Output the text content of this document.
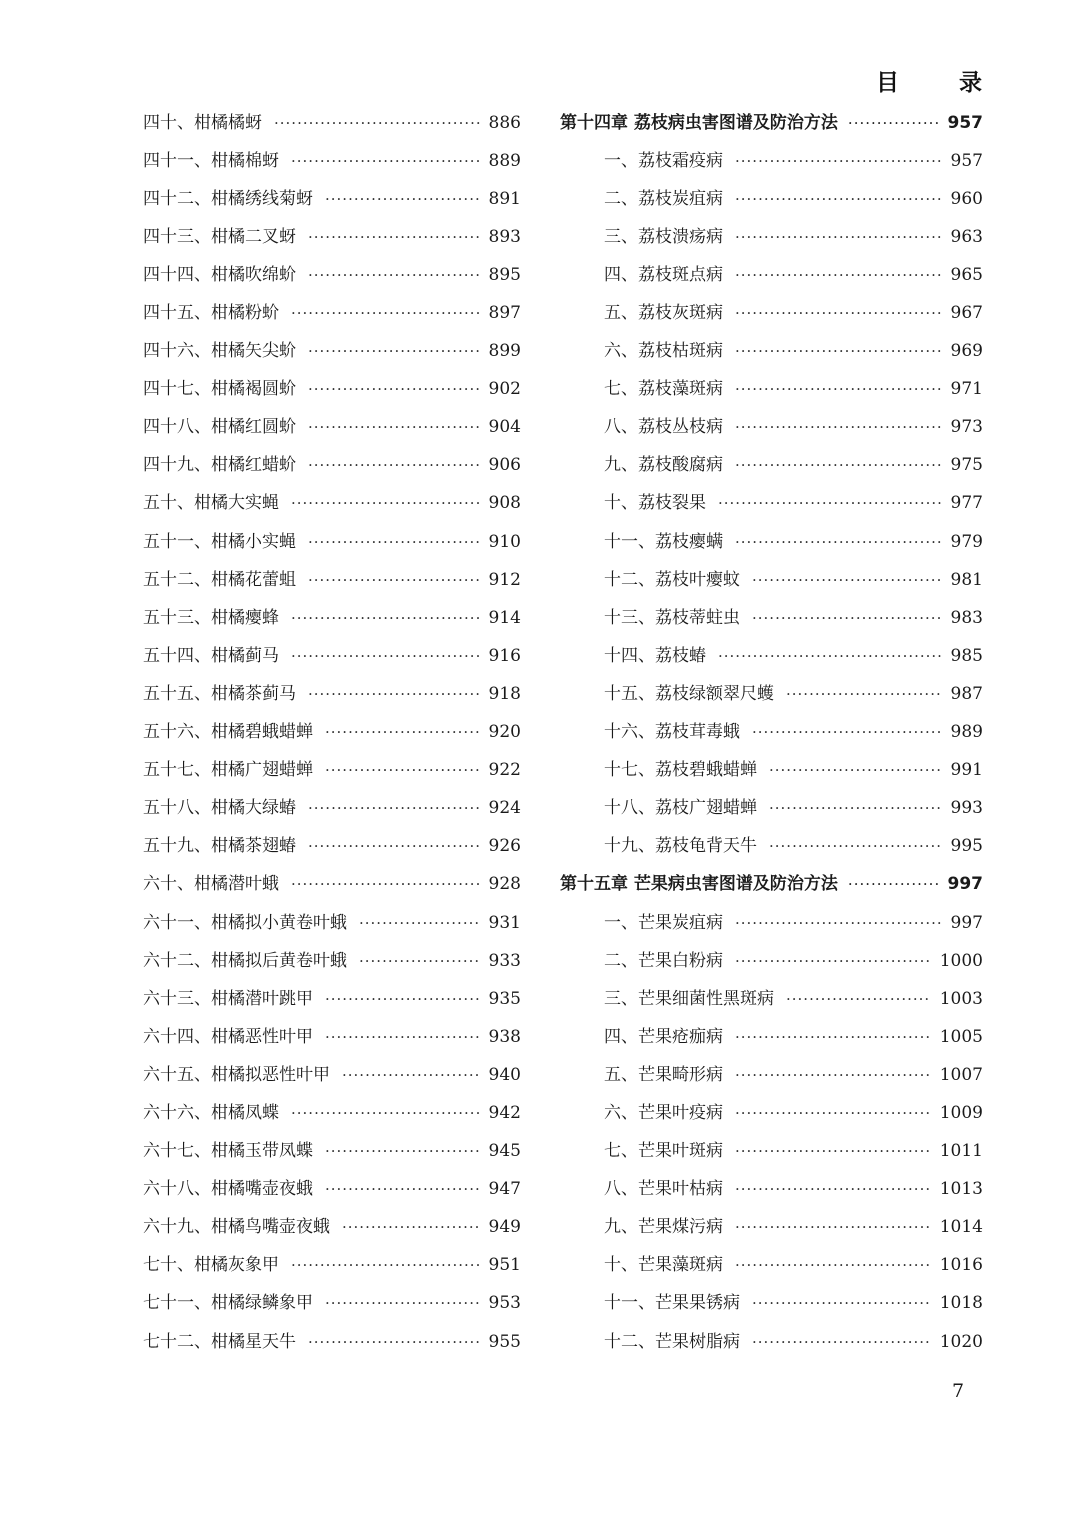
目 录
四十、柑橘橘蚜 ·····	886
四十一、柑橘棉蚜 ·····	889
四十二、柑橘绣线菊蚜 ·····	891
四十三、柑橘二叉蚜 ·····	893
四十四、柑橘吹绵蚧 ·····	895
四十五、柑橘粉蚧 ·····	897
四十六、柑橘矢尖蚧 ·····	899
四十七、柑橘褐圆蚧 ·····	902
四十八、柑橘红圆蚧 ·····	904
四十九、柑橘红蜡蚧 ·····	906
五十、柑橘大实蝇 ·····	908
五十一、柑橘小实蝇 ·····	910
五十二、柑橘花蕾蛆 ·····	912
五十三、柑橘瘿蜂 ·····	914
五十四、柑橘蓟马 ·····	916
五十五、柑橘茶蓟马 ·····	918
五十六、柑橘碧蛾蜡蝉 ·····	920
五十七、柑橘广翅蜡蝉 ·····	922
五十八、柑橘大绿蝽 ·····	924
五十九、柑橘茶翅蝽 ·····	926
六十、柑橘潜叶蛾 ·····	928
六十一、柑橘拟小黄卷叶蛾 ·····	931
六十二、柑橘拟后黄卷叶蛾 ·····	933
六十三、柑橘潜叶跳甲 ·····	935
六十四、柑橘恶性叶甲 ·····	938
六十五、柑橘拟恶性叶甲 ·····	940
六十六、柑橘凤蝶 ·····	942
六十七、柑橘玉带凤蝶 ·····	945
六十八、柑橘嘴壶夜蛾 ·····	947
六十九、柑橘鸟嘴壶夜蛾 ·····	949
七十、柑橘灰象甲 ·····	951
七十一、柑橘绿鳞象甲 ·····	953
七十二、柑橘星天牛 ·····	955
第十四章 荔枝病虫害图谱及防治方法 ·····	957
一、荔枝霜疫病 ·····	957
二、荔枝炭疽病 ·····	960
三、荔枝溃疡病 ·····	963
四、荔枝斑点病 ·····	965
五、荔枝灰斑病 ·····	967
六、荔枝枯斑病 ·····	969
七、荔枝藻斑病 ·····	971
八、荔枝丛枝病 ·····	973
九、荔枝酸腐病 ·····	975
十、荔枝裂果 ·····	977
十一、荔枝瘿螨 ·····	979
十二、荔枝叶瘿蚊 ·····	981
十三、荔枝蒂蛀虫 ·····	983
十四、荔枝蝽 ·····	985
十五、荔枝绿额翠尺蠖 ·····	987
十六、荔枝茸毒蛾 ·····	989
十七、荔枝碧蛾蜡蝉 ·····	991
十八、荔枝广翅蜡蝉 ·····	993
十九、荔枝龟背天牛 ·····	995
第十五章 芒果病虫害图谱及防治方法 ·····	997
一、芒果炭疽病 ·····	997
二、芒果白粉病 ·····	1000
三、芒果细菌性黑斑病 ·····	1003
四、芒果疮痂病 ·····	1005
五、芒果畸形病 ·····	1007
六、芒果叶疫病 ·····	1009
七、芒果叶斑病 ·····	1011
八、芒果叶枯病 ·····	1013
九、芒果煤污病 ·····	1014
十、芒果藻斑病 ·····	1016
十一、芒果果锈病 ·····	1018
十二、芒果树脂病 ·····	1020
7
